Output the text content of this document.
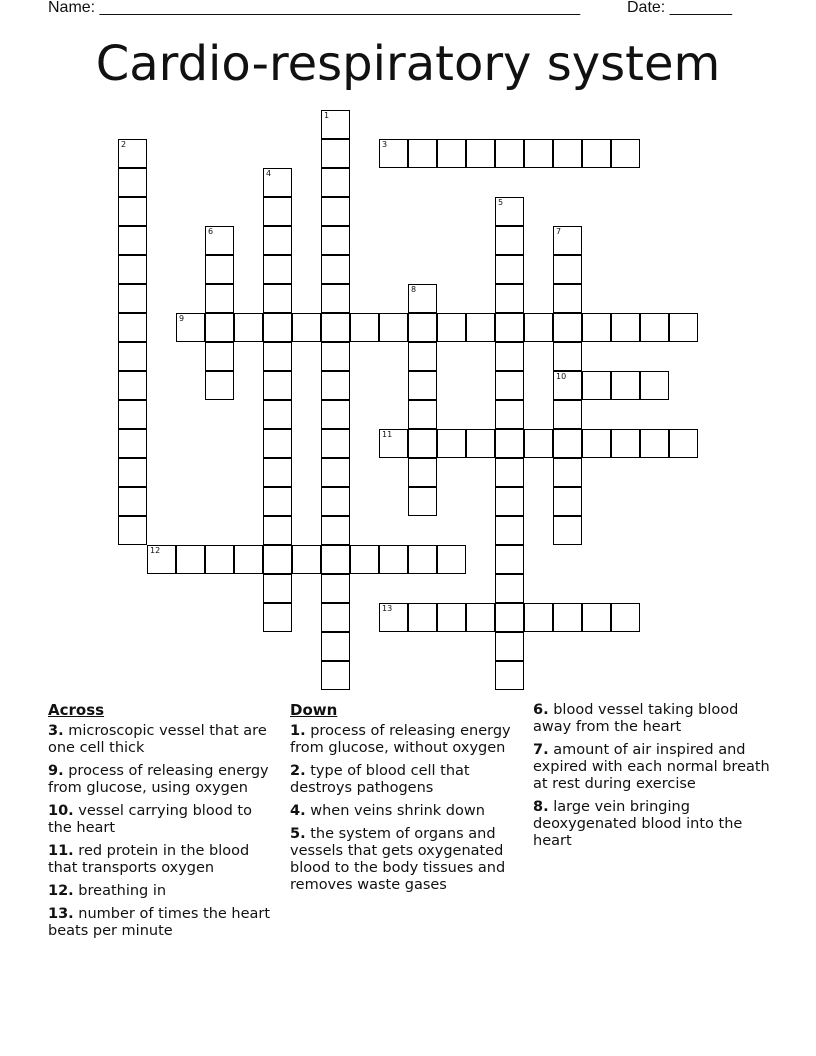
Name: ______________________________________________________	Date: _______
Cardio-respiratory system
1
2	3
4
5
6	7
10
8
9
11
12
13
Across
3. microscopic vessel that are one cell thick
9. process of releasing energy from glucose, using oxygen
10. vessel carrying blood to the heart
11. red protein in the blood that transports oxygen
12. breathing in
13. number of times the heart beats per minute
Down
1. process of releasing energy from glucose, without oxygen
2. type of blood cell that destroys pathogens
4. when veins shrink down
5. the system of organs and vessels that gets oxygenated blood to the body tissues and removes waste gases
6. blood vessel taking blood away from the heart
7. amount of air inspired and expired with each normal breath at rest during exercise
8. large vein bringing deoxygenated blood into the heart
